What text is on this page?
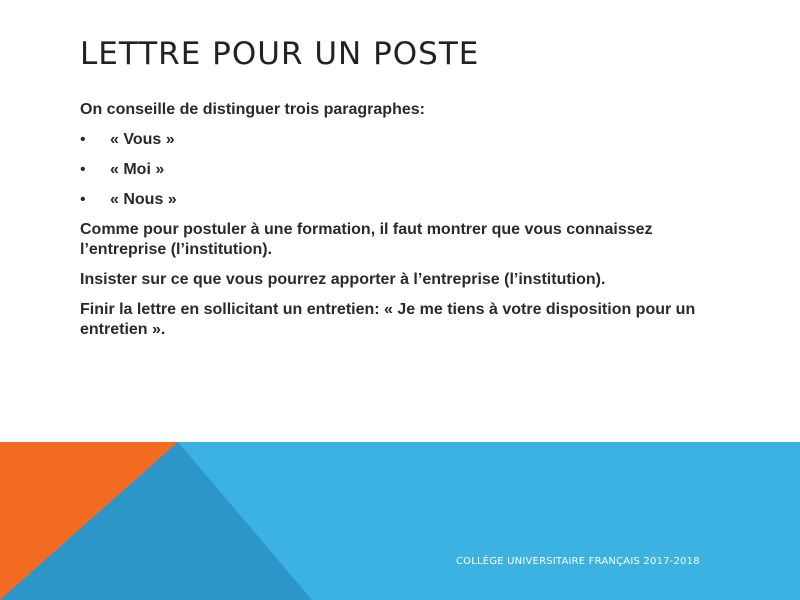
LETTRE POUR UN POSTE

On conseille de distinguer trois paragraphes:

• « Vous »
• « Moi »
• « Nous »

Comme pour postuler à une formation, il faut montrer que vous connaissez l’entreprise (l’institution).

Insister sur ce que vous pourrez apporter à l’entreprise (l’institution).

Finir la lettre en sollicitant un entretien: « Je me tiens à votre disposition pour un entretien ».

COLLÈGE UNIVERSITAIRE FRANÇAIS 2017-2018
